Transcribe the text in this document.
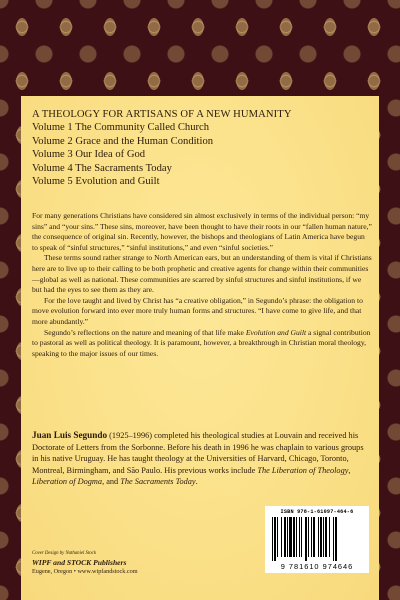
A THEOLOGY FOR ARTISANS OF A NEW HUMANITY
Volume 1 The Community Called Church
Volume 2 Grace and the Human Condition
Volume 3 Our Idea of God
Volume 4 The Sacraments Today
Volume 5 Evolution and Guilt

For many generations Christians have considered sin almost exclusively in terms of the individual person: “my sins” and “your sins.” These sins, moreover, have been thought to have their roots in our “fallen human nature,” the consequence of original sin. Recently, however, the bishops and theologians of Latin America have begun to speak of “sinful structures,” “sinful institutions,” and even “sinful societies.”

These terms sound rather strange to North American ears, but an understanding of them is vital if Christians here are to live up to their calling to be both prophetic and creative agents for change within their communities—global as well as national. These communities are scarred by sinful structures and sinful institutions, if we but had the eyes to see them as they are.

For the love taught and lived by Christ has “a creative obligation,” in Segundo’s phrase: the obligation to move evolution forward into ever more truly human forms and structures. “I have come to give life, and that more abundantly.”

Segundo’s reflections on the nature and meaning of that life make Evolution and Guilt a signal contribution to pastoral as well as political theology. It is paramount, however, a breakthrough in Christian moral theology, speaking to the major issues of our times.

Juan Luis Segundo (1925–1996) completed his theological studies at Louvain and received his Doctorate of Letters from the Sorbonne. Before his death in 1996 he was chaplain to various groups in his native Uruguay. He has taught theology at the Universities of Harvard, Chicago, Toronto, Montreal, Birmingham, and São Paulo. His previous works include The Liberation of Theology, Liberation of Dogma, and The Sacraments Today.
Cover Design by Nathaniel Stock
WIPF and STOCK Publishers
Eugene, Oregon • www.wipfandstock.com
ISBN 978-1-61097-464-6
9 781610 974646
